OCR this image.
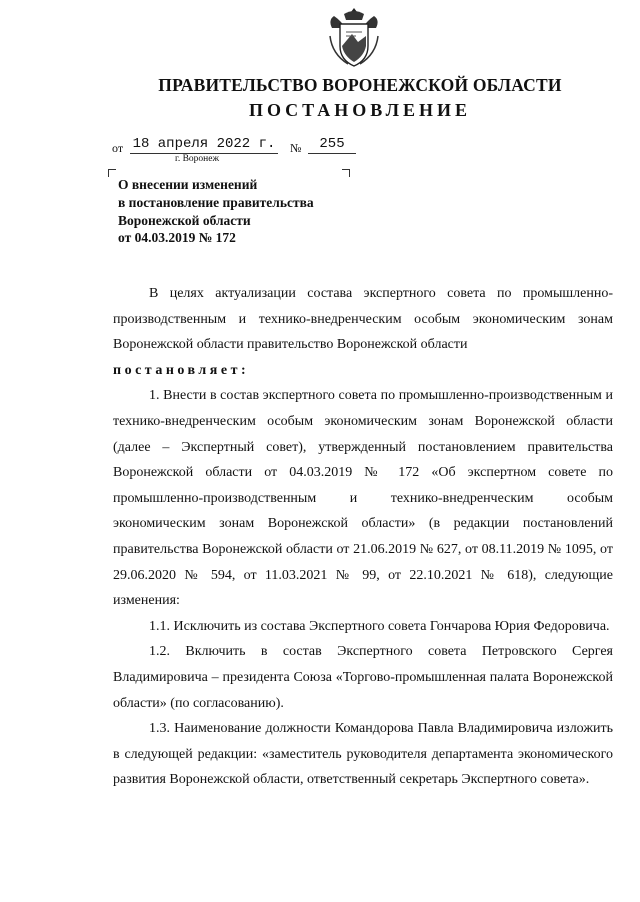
ПРАВИТЕЛЬСТВО ВОРОНЕЖСКОЙ ОБЛАСТИ
ПОСТАНОВЛЕНИЕ
от 18 апреля 2022 г. №	255
г. Воронеж
О внесении изменений
в постановление правительства
Воронежской области
от 04.03.2019 № 172

В целях актуализации состава экспертного совета по промышленно-производственным и технико-внедренческим особым экономическим зонам Воронежской области правительство Воронежской области

постановляет:

1. Внести в состав экспертного совета по промышленно-производственным и технико-внедренческим особым экономическим зонам Воронежской области (далее – Экспертный совет), утвержденный постановлением правительства Воронежской области от 04.03.2019 № 172 «Об экспертном совете по промышленно-производственным и технико-внедренческим особым экономическим зонам Воронежской области» (в редакции постановлений правительства Воронежской области от 21.06.2019 № 627, от 08.11.2019 № 1095, от 29.06.2020 № 594, от 11.03.2021 № 99, от 22.10.2021 № 618), следующие изменения:

1.1. Исключить из состава Экспертного совета Гончарова Юрия Федоровича.

1.2. Включить в состав Экспертного совета Петровского Сергея Владимировича – президента Союза «Торгово-промышленная палата Воронежской области» (по согласованию).

1.3. Наименование должности Командорова Павла Владимировича изложить в следующей редакции: «заместитель руководителя департамента экономического развития Воронежской области, ответственный секретарь Экспертного совета».
